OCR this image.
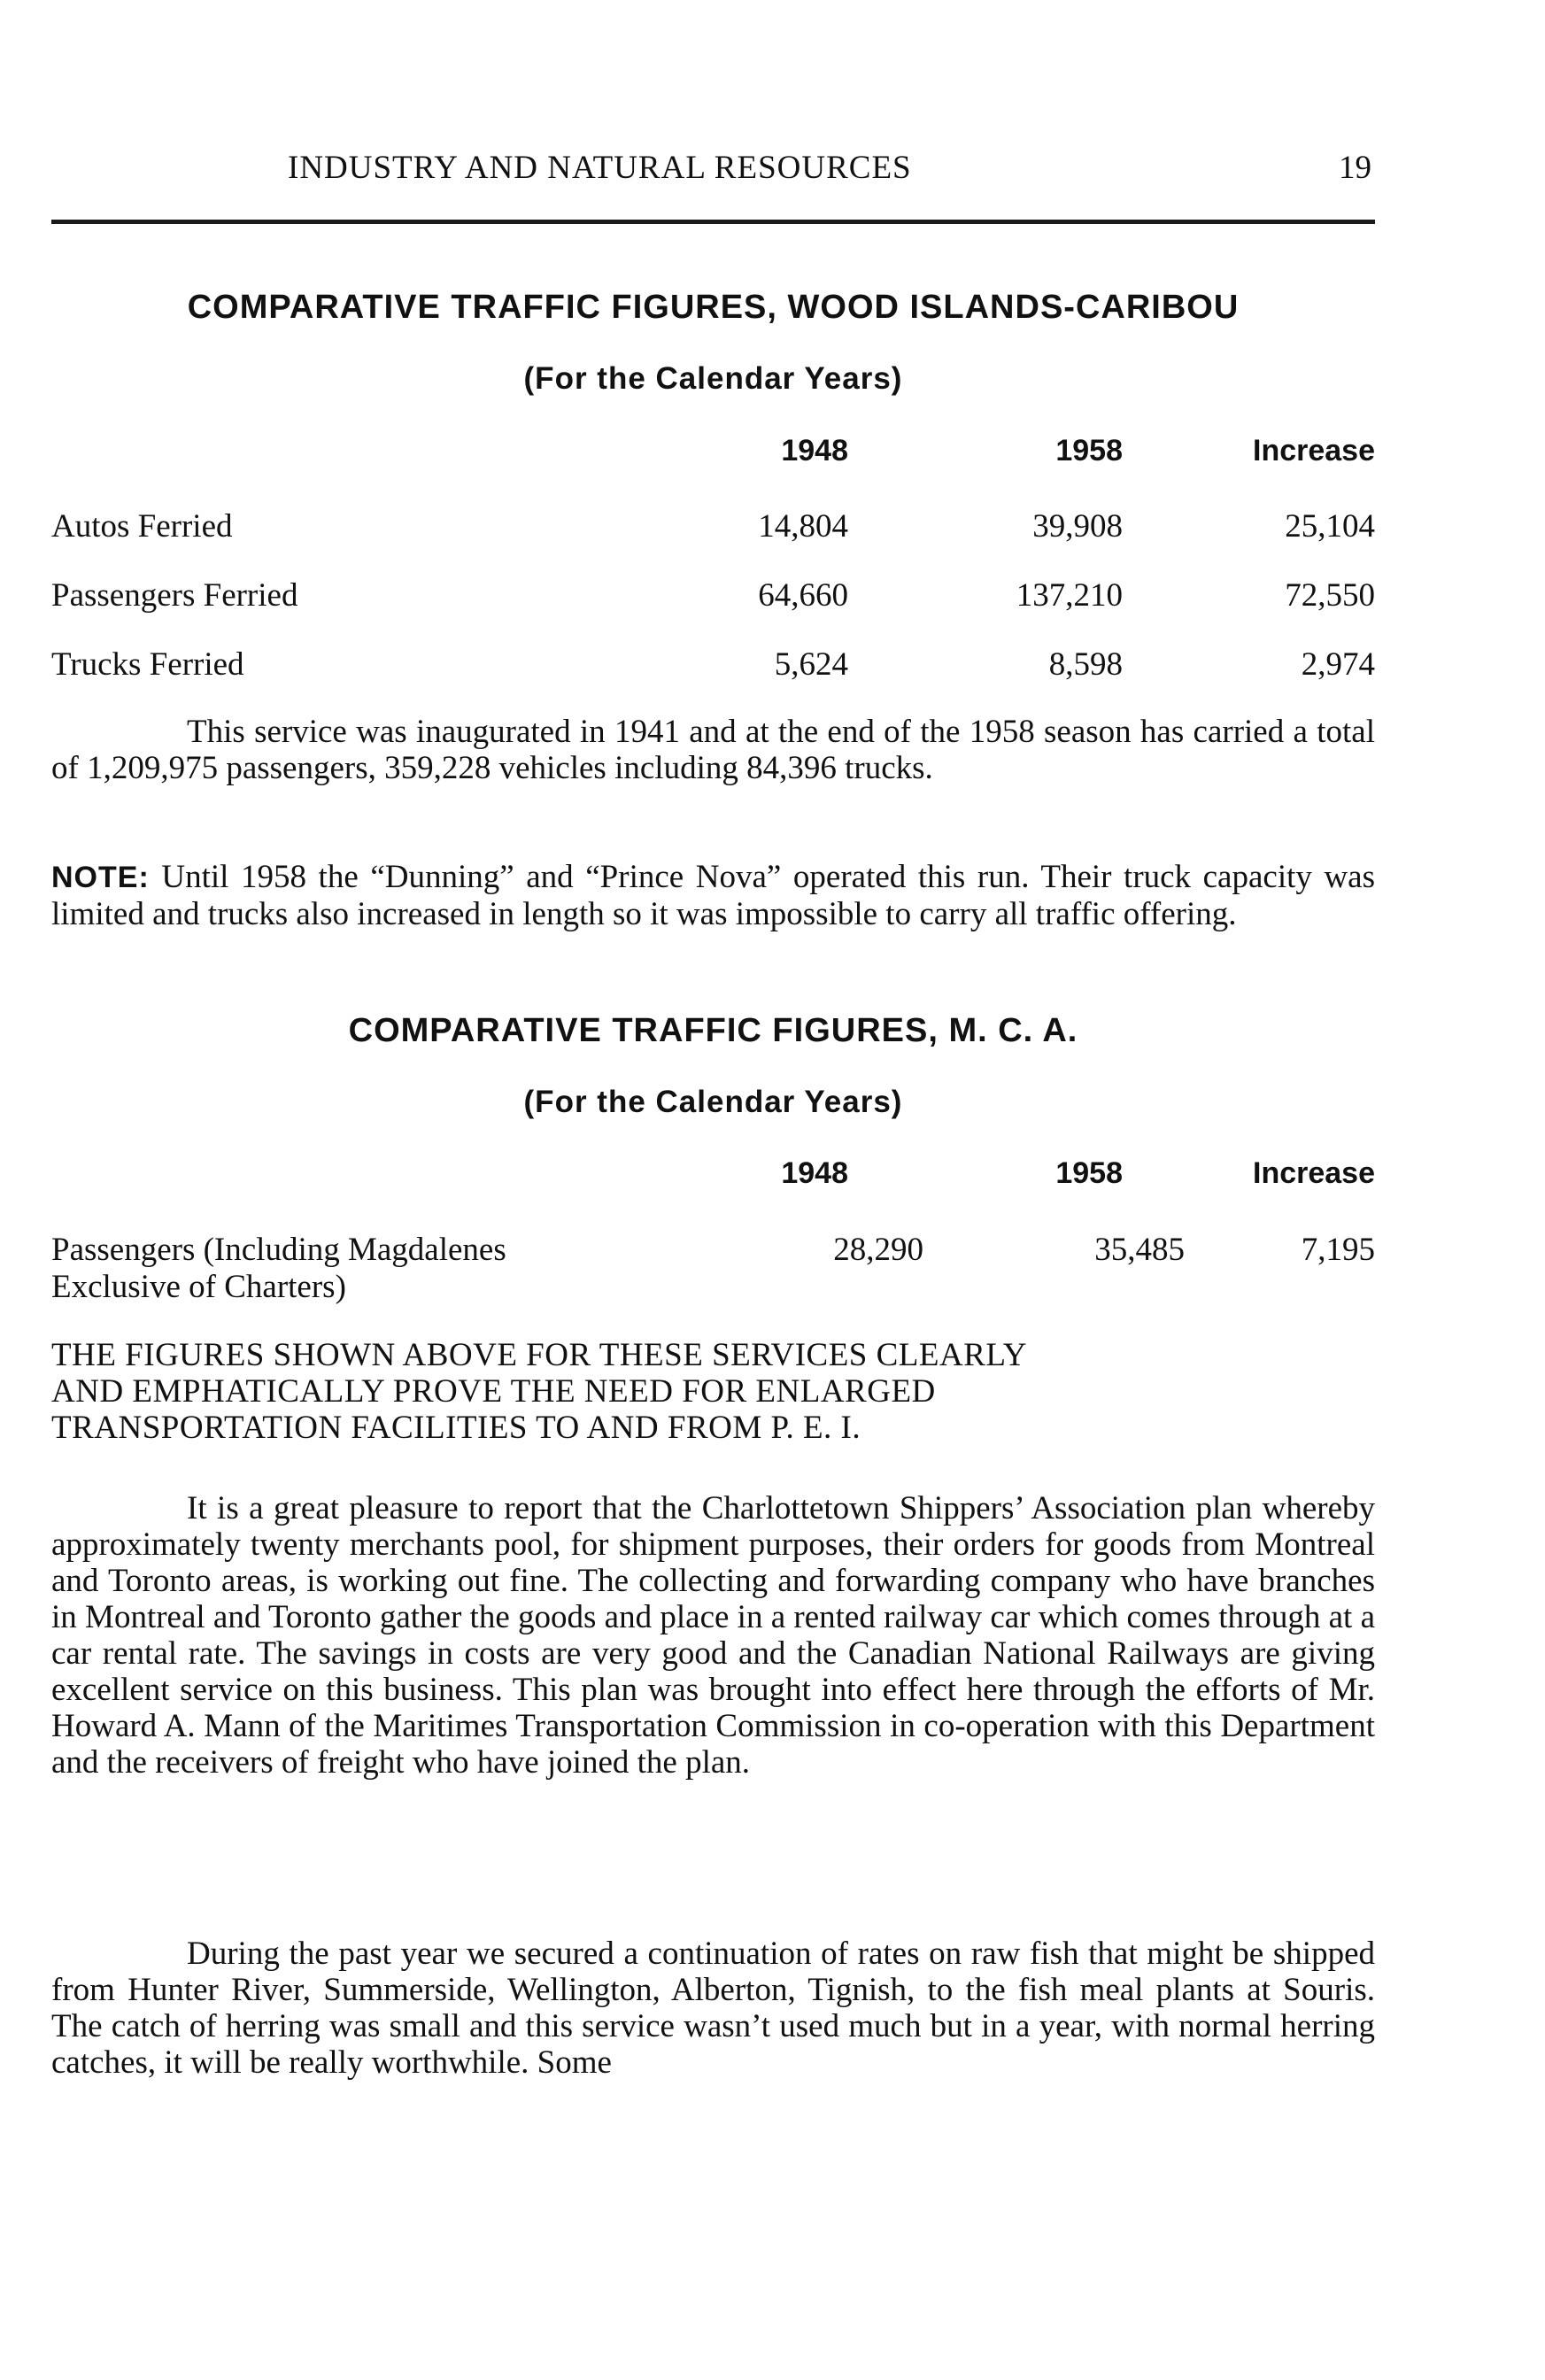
INDUSTRY AND NATURAL RESOURCES	19
COMPARATIVE TRAFFIC FIGURES, WOOD ISLANDS-CARIBOU
(For the Calendar Years)
1948	1958	Increase
Autos Ferried	14,804	39,908	25,104
Passengers Ferried	64,660	137,210	72,550
Trucks Ferried	5,624	8,598	2,974
This service was inaugurated in 1941 and at the end of the 1958 season has carried a total of 1,209,975 passengers, 359,228 vehicles including 84,396 trucks.
NOTE: Until 1958 the “Dunning” and “Prince Nova” operated this run. Their truck capacity was limited and trucks also increased in length so it was impossible to carry all traffic offering.
COMPARATIVE TRAFFIC FIGURES, M. C. A.
(For the Calendar Years)
1948	1958	Increase
Passengers (Including Magdalenes
Exclusive of Charters)
28,290	35,485	7,195
THE FIGURES SHOWN ABOVE FOR THESE SERVICES CLEARLY
AND EMPHATICALLY PROVE THE NEED FOR ENLARGED
TRANSPORTATION FACILITIES TO AND FROM P. E. I.
It is a great pleasure to report that the Charlottetown Shippers’ Association plan whereby approximately twenty merchants pool, for shipment purposes, their orders for goods from Montreal and Toronto areas, is working out fine. The collecting and forwarding company who have branches in Montreal and Toronto gather the goods and place in a rented railway car which comes through at a car rental rate. The savings in costs are very good and the Canadian National Railways are giving excellent service on this business. This plan was brought into effect here through the efforts of Mr. Howard A. Mann of the Maritimes Transportation Commission in co-operation with this Department and the receivers of freight who have joined the plan.
During the past year we secured a continuation of rates on raw fish that might be shipped from Hunter River, Summerside, Wellington, Alberton, Tignish, to the fish meal plants at Souris. The catch of herring was small and this service wasn’t used much but in a year, with normal herring catches, it will be really worthwhile. Some
